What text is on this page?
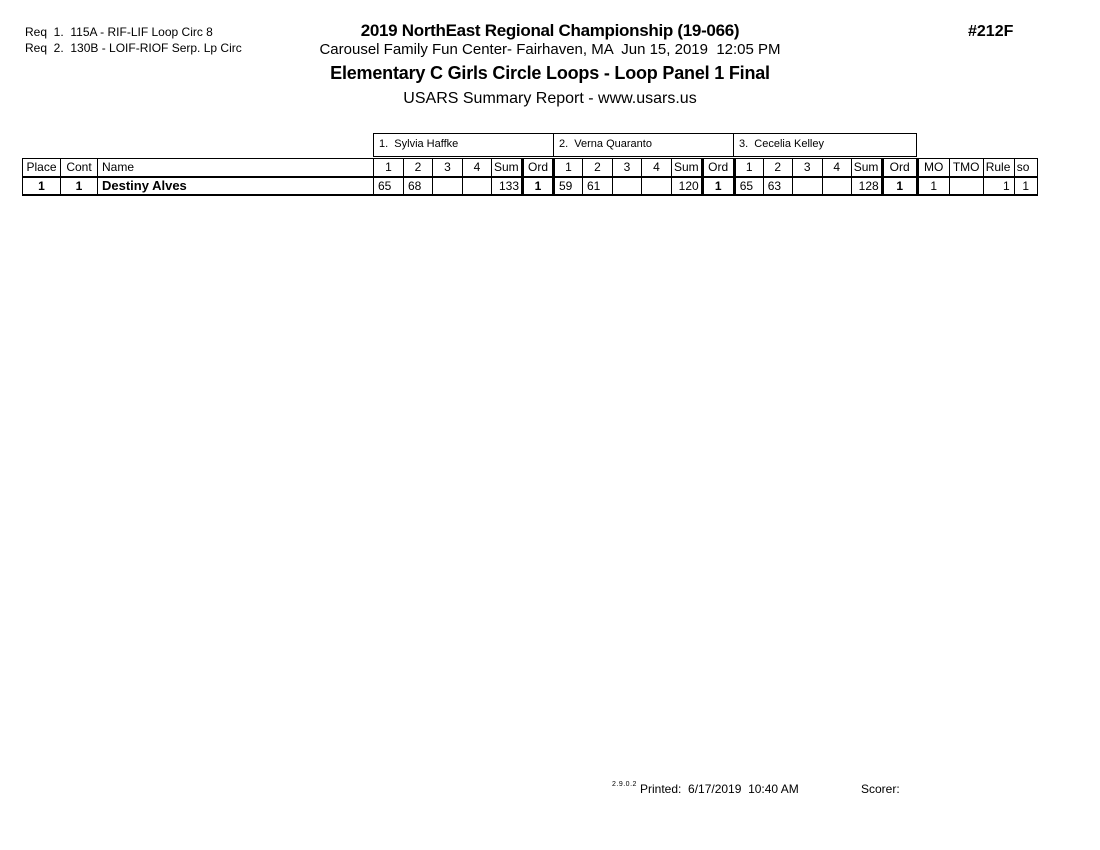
Req  1.  115A - RIF-LIF Loop Circ 8
Req  2.  130B - LOIF-RIOF Serp. Lp Circ
2019 NorthEast Regional Championship (19-066)
Carousel Family Fun Center- Fairhaven, MA  Jun 15, 2019  12:05 PM
Elementary C Girls Circle Loops - Loop Panel 1 Final
USARS Summary Report - www.usars.us
#212F
1.  Sylvia Haffke	2.  Verna Quaranto	3.  Cecelia Kelley
Place	Cont	Name	1	2	3	4	Sum	Ord	1	2	3	4	Sum	Ord	1	2	3	4	Sum	Ord	MO	TMO	Rule	so
1	1	Destiny Alves	65	68			133	1	59	61			120	1	65	63			128	1	1		1	1
2.9.0.2 Printed:  6/17/2019  10:40 AM	Scorer:
